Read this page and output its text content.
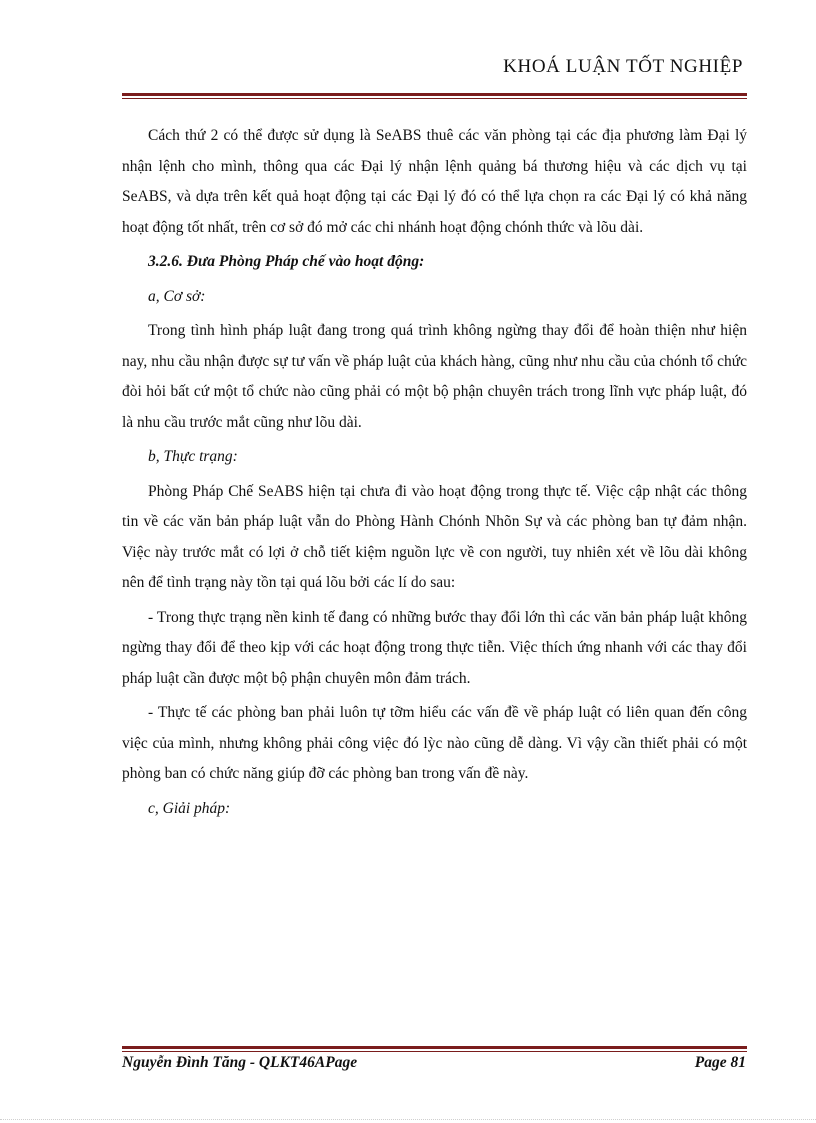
KHOÁ LUẬN TỐT NGHIỆP

Cách thứ 2 có thể được sử dụng là SeABS thuê các văn phòng tại các địa phương làm Đại lý nhận lệnh cho mình, thông qua các Đại lý nhận lệnh quảng bá thương hiệu và các dịch vụ tại SeABS, và dựa trên kết quả hoạt động tại các Đại lý đó có thể lựa chọn ra các Đại lý có khả năng hoạt động tốt nhất, trên cơ sở đó mở các chi nhánh hoạt động chónh thức và lõu dài.

3.2.6. Đưa Phòng Pháp chế vào hoạt động:

a, Cơ sở:

Trong tình hình pháp luật đang trong quá trình không ngừng thay đổi để hoàn thiện như hiện nay, nhu cầu nhận được sự tư vấn về pháp luật của khách hàng, cũng như nhu cầu của chónh tổ chức đòi hỏi bất cứ một tổ chức nào cũng phải có một bộ phận chuyên trách trong lĩnh vực pháp luật, đó là nhu cầu trước mắt cũng như lõu dài.

b, Thực trạng:

Phòng Pháp Chế SeABS hiện tại chưa đi vào hoạt động trong thực tế. Việc cập nhật các thông tin về các văn bản pháp luật vẫn do Phòng Hành Chónh Nhõn Sự và các phòng ban tự đảm nhận. Việc này trước mắt có lợi ở chỗ tiết kiệm nguồn lực về con người, tuy nhiên xét về lõu dài không nên để tình trạng này tồn tại quá lõu bởi các lí do sau:

- Trong thực trạng nền kinh tế đang có những bước thay đổi lớn thì các văn bản pháp luật không ngừng thay đổi để theo kịp với các hoạt động trong thực tiễn. Việc thích ứng nhanh với các thay đổi pháp luật cần được một bộ phận chuyên môn đảm trách.

- Thực tế các phòng ban phải luôn tự tỡm hiểu các vấn đề về pháp luật có liên quan đến công việc của mình, nhưng không phải công việc đó lỳc nào cũng dễ dàng. Vì vậy cần thiết phải có một phòng ban có chức năng giúp đỡ các phòng ban trong vấn đề này.

c, Giải pháp:

Nguyễn Đình Tăng - QLKT46APage	Page 81
